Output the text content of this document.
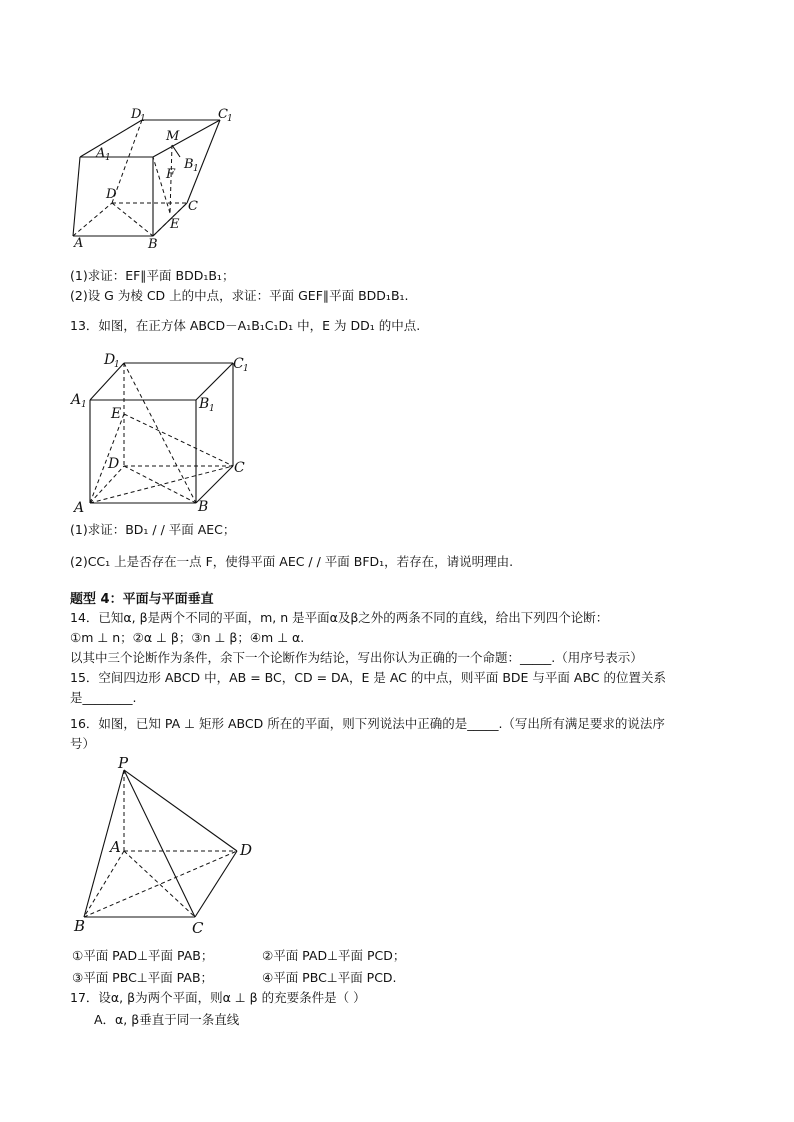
D
1	C 1
M
A 1	B 1
F
D
C
E
A	B
(1)求证：EF∥平面 BDD₁B₁；
(2)设 G 为棱 CD 上的中点，求证：平面 GEF∥平面 BDD₁B₁.
13．如图，在正方体 ABCD－A₁B₁C₁D₁ 中，E 为 DD₁ 的中点.
D
1	C 1
A 1	B 1
E
D	C
A	B
(1)求证：BD₁ / / 平面 AEC；
(2)CC₁ 上是否存在一点 F，使得平面 AEC / / 平面 BFD₁，若存在，请说明理由.
题型 4：平面与平面垂直
14．已知α, β是两个不同的平面，m, n 是平面α及β之外的两条不同的直线，给出下列四个论断：
①m ⊥ n；②α ⊥ β；③n ⊥ β；④m ⊥ α.
以其中三个论断作为条件，余下一个论断作为结论，写出你认为正确的一个命题：_____.（用序号表示）
15．空间四边形 ABCD 中，AB = BC，CD = DA，E 是 AC 的中点，则平面 BDE 与平面 ABC 的位置关系
是________.
16．如图，已知 PA ⊥ 矩形 ABCD 所在的平面，则下列说法中正确的是_____.（写出所有满足要求的说法序
号）
P
A	D
B	C
①平面 PAD⊥平面 PAB；	②平面 PAD⊥平面 PCD；
③平面 PBC⊥平面 PAB；	④平面 PBC⊥平面 PCD.
17．设α, β为两个平面，则α ⊥ β 的充要条件是（ ）
A．α, β垂直于同一条直线
